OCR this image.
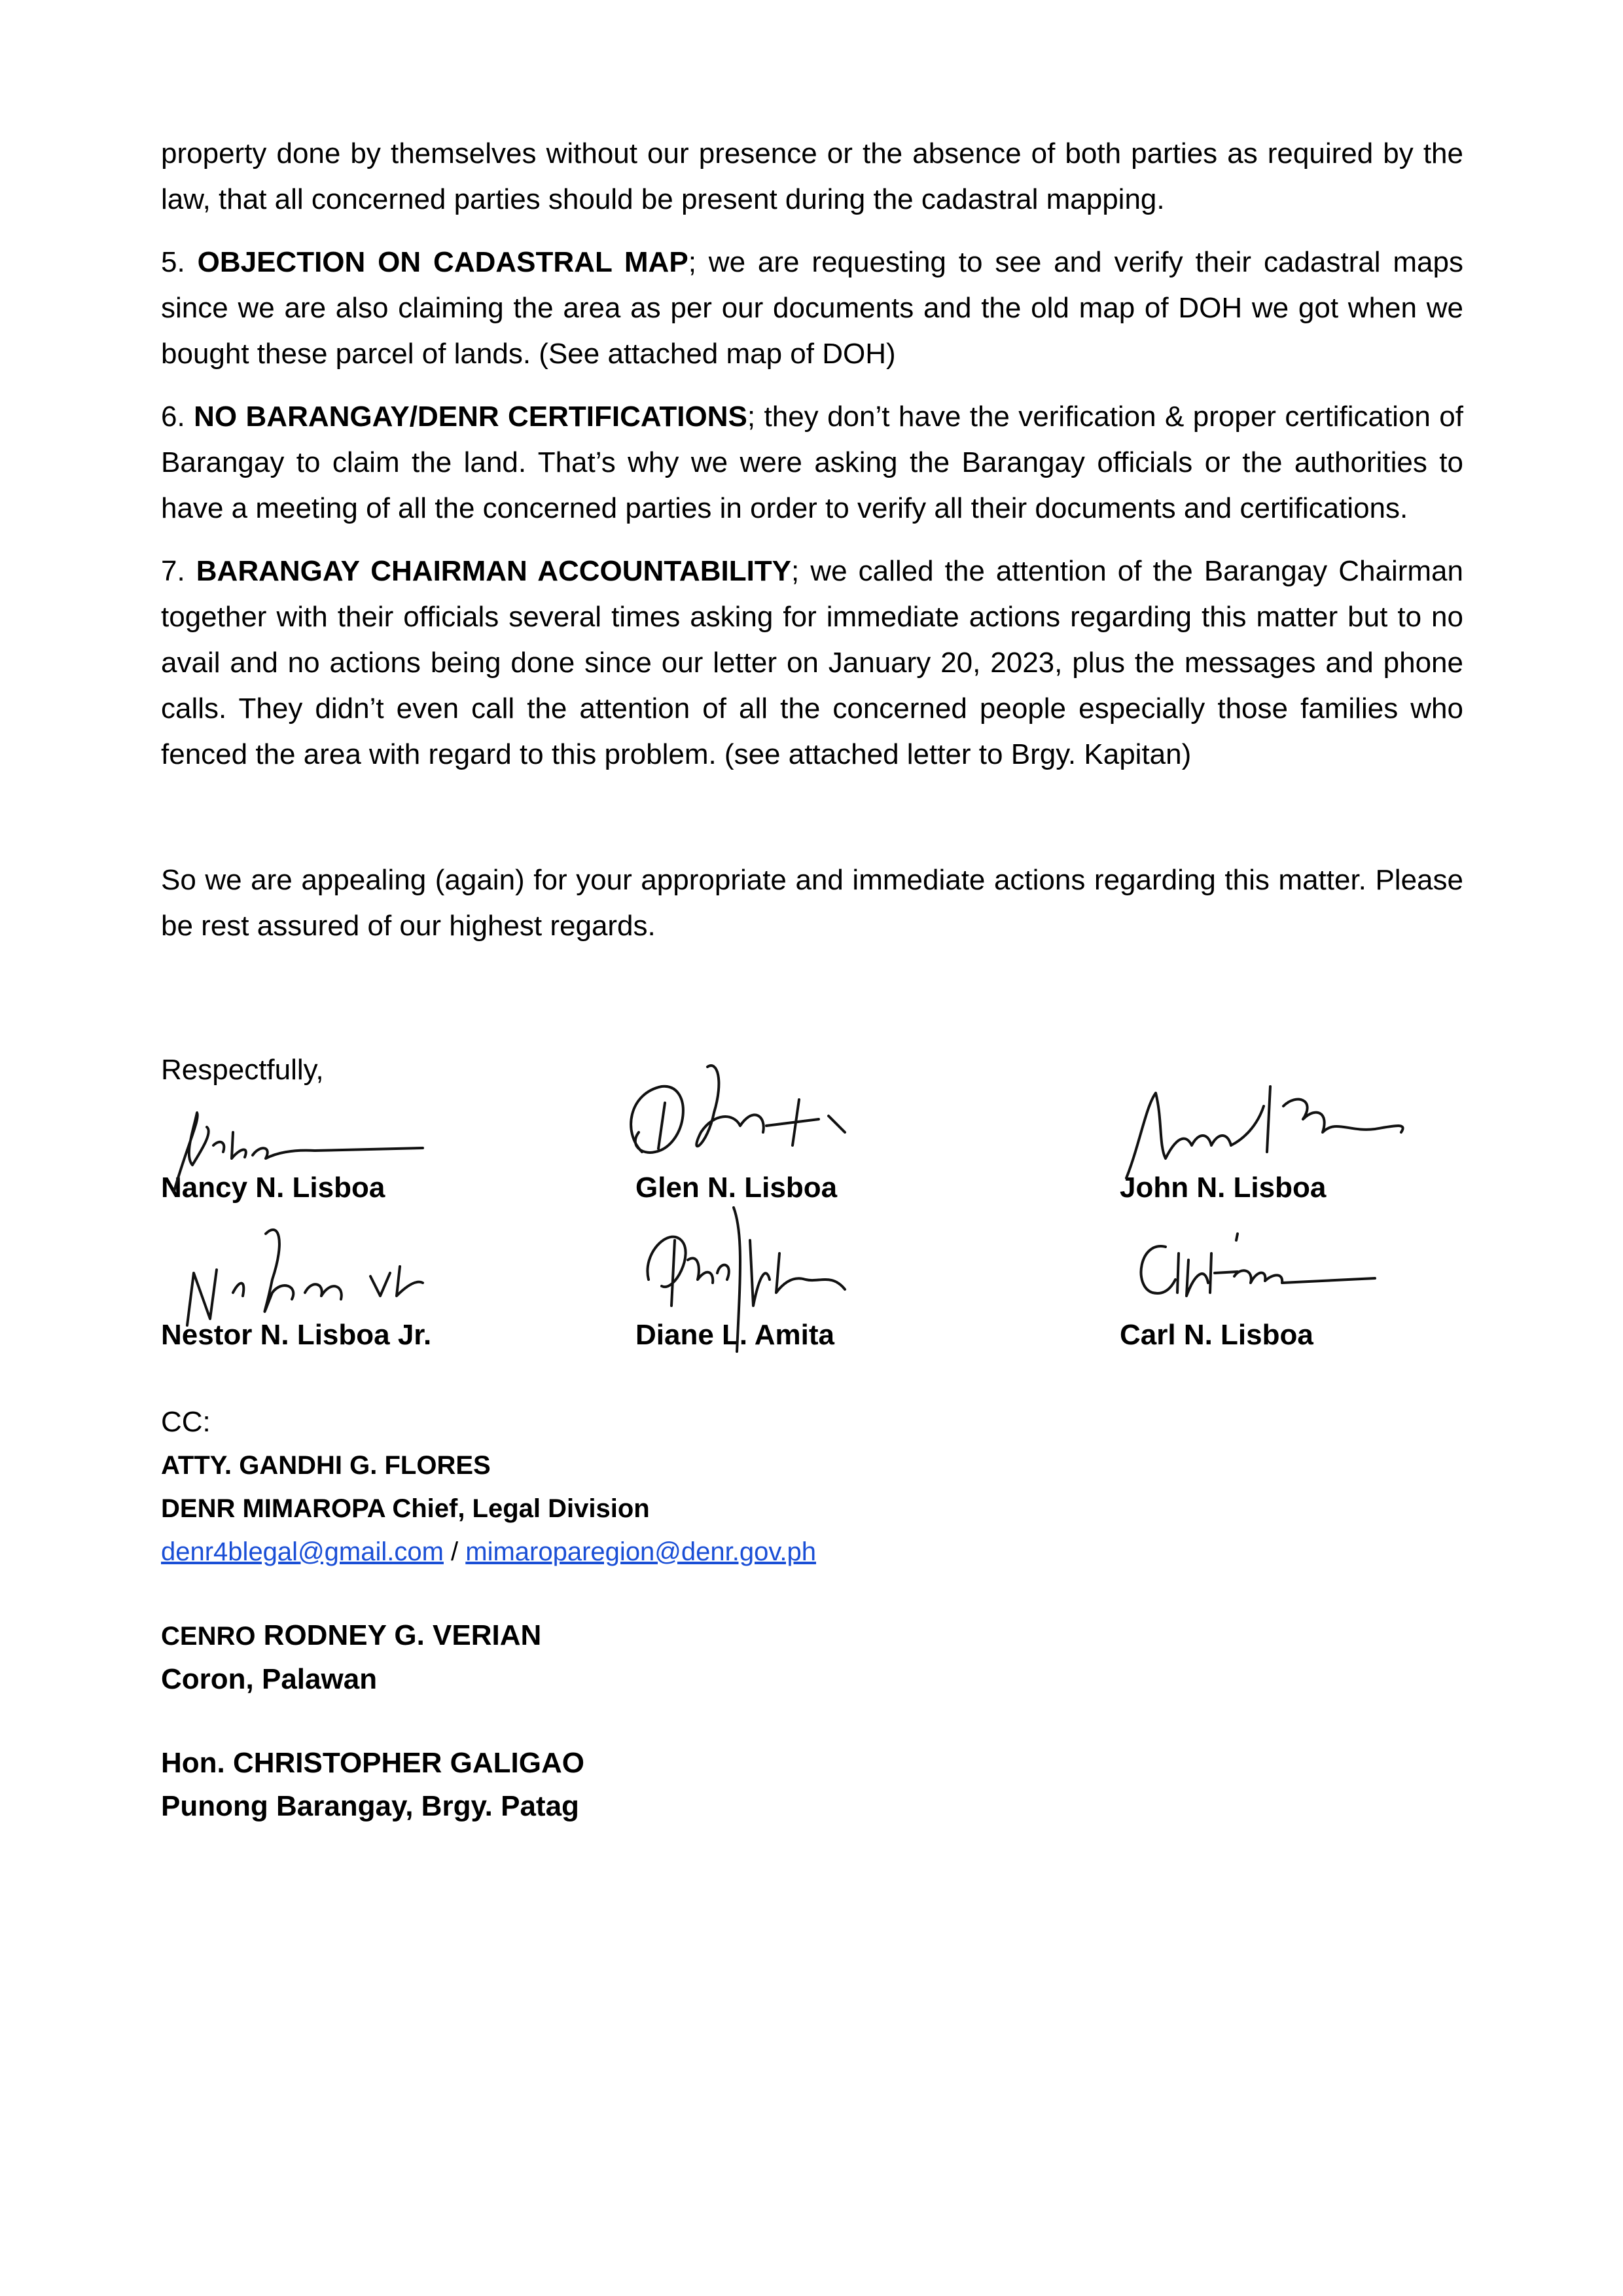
property done by themselves without our presence or the absence of both parties as required by the law, that all concerned parties should be present during the cadastral mapping.

5. OBJECTION ON CADASTRAL MAP; we are requesting to see and verify their cadastral maps since we are also claiming the area as per our documents and the old map of DOH we got when we bought these parcel of lands. (See attached map of DOH)

6. NO BARANGAY/DENR CERTIFICATIONS; they don’t have the verification & proper certification of Barangay to claim the land. That’s why we were asking the Barangay officials or the authorities to have a meeting of all the concerned parties in order to verify all their documents and certifications.

7. BARANGAY CHAIRMAN ACCOUNTABILITY; we called the attention of the Barangay Chairman together with their officials several times asking for immediate actions regarding this matter but to no avail and no actions being done since our letter on January 20, 2023, plus the messages and phone calls. They didn’t even call the attention of all the concerned people especially those families who fenced the area with regard to this problem. (see attached letter to Brgy. Kapitan)

So we are appealing (again) for your appropriate and immediate actions regarding this matter. Please be rest assured of our highest regards.

Respectfully,

Nancy N. Lisboa	Glen N. Lisboa	John N. Lisboa
Nestor N. Lisboa Jr.	Diane L. Amita	Carl N. Lisboa

CC:

ATTY. GANDHI G. FLORES

DENR MIMAROPA Chief, Legal Division

denr4blegal@gmail.com / mimaroparegion@denr.gov.ph

CENRO RODNEY G. VERIAN

Coron, Palawan

Hon. CHRISTOPHER GALIGAO

Punong Barangay, Brgy. Patag
